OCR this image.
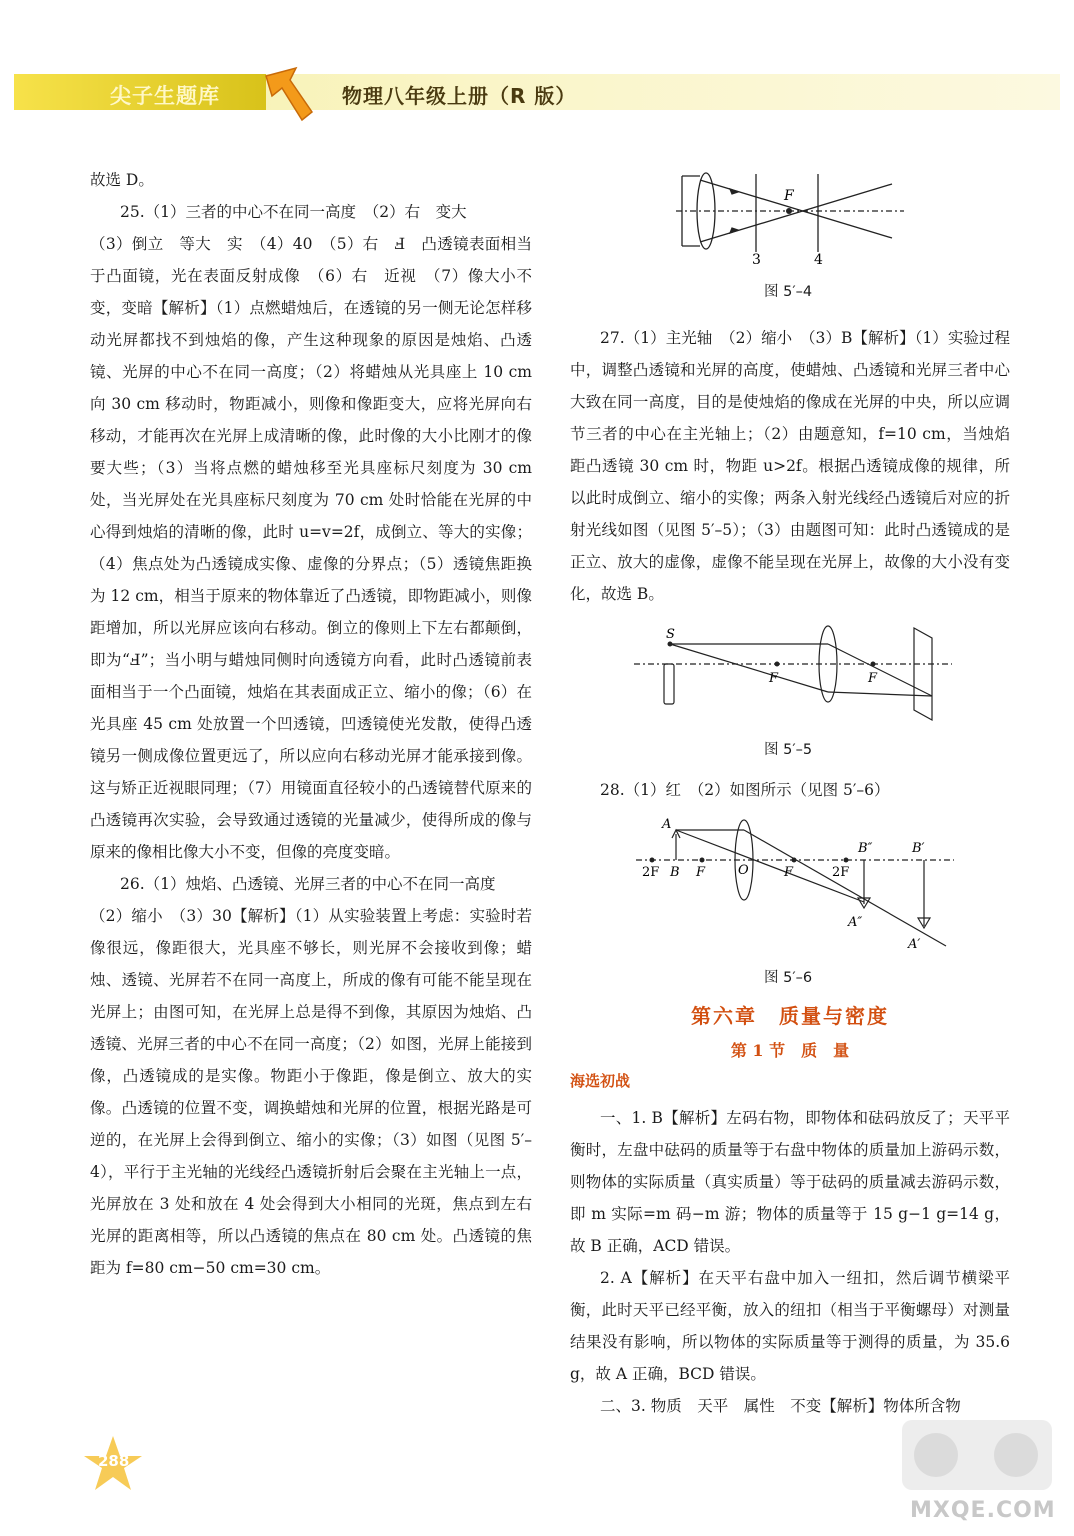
尖子生题库	物理八年级上册（R 版）

故选 D。

25.（1）三者的中心不在同一高度　（2）右　变大

（3）倒立　等大　实　（4）40　（5）右　Ⅎ　凸透镜表面相当于凸面镜，光在表面反射成像　（6）右　近视　（7）像大小不变，变暗【解析】（1）点燃蜡烛后，在透镜的另一侧无论怎样移动光屏都找不到烛焰的像，产生这种现象的原因是烛焰、凸透镜、光屏的中心不在同一高度；（2）将蜡烛从光具座上 10 cm 向 30 cm 移动时，物距减小，则像和像距变大，应将光屏向右移动，才能再次在光屏上成清晰的像，此时像的大小比刚才的像要大些；（3）当将点燃的蜡烛移至光具座标尺刻度为 30 cm 处，当光屏处在光具座标尺刻度为 70 cm 处时恰能在光屏的中心得到烛焰的清晰的像，此时 u=v=2f，成倒立、等大的实像；（4）焦点处为凸透镜成实像、虚像的分界点；（5）透镜焦距换为 12 cm，相当于原来的物体靠近了凸透镜，即物距减小，则像距增加，所以光屏应该向右移动。倒立的像则上下左右都颠倒，即为“Ⅎ”；当小明与蜡烛同侧时向透镜方向看，此时凸透镜前表面相当于一个凸面镜，烛焰在其表面成正立、缩小的像；（6）在光具座 45 cm 处放置一个凹透镜，凹透镜使光发散，使得凸透镜另一侧成像位置更远了，所以应向右移动光屏才能承接到像。这与矫正近视眼同理；（7）用镜面直径较小的凸透镜替代原来的凸透镜再次实验，会导致通过透镜的光量减少，使得所成的像与原来的像相比像大小不变，但像的亮度变暗。

26.（1）烛焰、凸透镜、光屏三者的中心不在同一高度

（2）缩小　（3）30【解析】（1）从实验装置上考虑：实验时若像很远，像距很大，光具座不够长，则光屏不会接收到像；蜡烛、透镜、光屏若不在同一高度上，所成的像有可能不能呈现在光屏上；由图可知，在光屏上总是得不到像，其原因为烛焰、凸透镜、光屏三者的中心不在同一高度；（2）如图，光屏上能接到像，凸透镜成的是实像。物距小于像距，像是倒立、放大的实像。凸透镜的位置不变，调换蜡烛和光屏的位置，根据光路是可逆的，在光屏上会得到倒立、缩小的实像；（3）如图（见图 5′–4），平行于主光轴的光线经凸透镜折射后会聚在主光轴上一点，光屏放在 3 处和放在 4 处会得到大小相同的光斑，焦点到左右光屏的距离相等，所以凸透镜的焦点在 80 cm 处。凸透镜的焦距为 f=80 cm−50 cm=30 cm。

F
3	4
图 5′–4

27.（1）主光轴　（2）缩小　（3）B【解析】（1）实验过程中，调整凸透镜和光屏的高度，使蜡烛、凸透镜和光屏三者中心大致在同一高度，目的是使烛焰的像成在光屏的中央，所以应调节三者的中心在主光轴上；（2）由题意知，f=10 cm，当烛焰距凸透镜 30 cm 时，物距 u>2f。根据凸透镜成像的规律，所以此时成倒立、缩小的实像；两条入射光线经凸透镜后对应的折射光线如图（见图 5′–5）；（3）由题图可知：此时凸透镜成的是正立、放大的虚像，虚像不能呈现在光屏上，故像的大小没有变化，故选 B。

S
F	F
图 5′–5

28.（1）红　（2）如图所示（见图 5′–6）

A
B
2F	F	O	F	2F
B″	B′
A″
A′
图 5′–6
第六章　质量与密度
第 1 节　质　量
海选初战

一、1. B【解析】左码右物，即物体和砝码放反了；天平平衡时，左盘中砝码的质量等于右盘中物体的质量加上游码示数，则物体的实际质量（真实质量）等于砝码的质量减去游码示数，即 m 实际=m 码−m 游；物体的质量等于 15 g−1 g=14 g，故 B 正确，ACD 错误。

2. A【解析】在天平右盘中加入一纽扣，然后调节横梁平衡，此时天平已经平衡，放入的纽扣（相当于平衡螺母）对测量结果没有影响，所以物体的实际质量等于测得的质量，为 35.6 g，故 A 正确，BCD 错误。

二、3. 物质　天平　属性　不变【解析】物体所含物

288
MXQE.COM
